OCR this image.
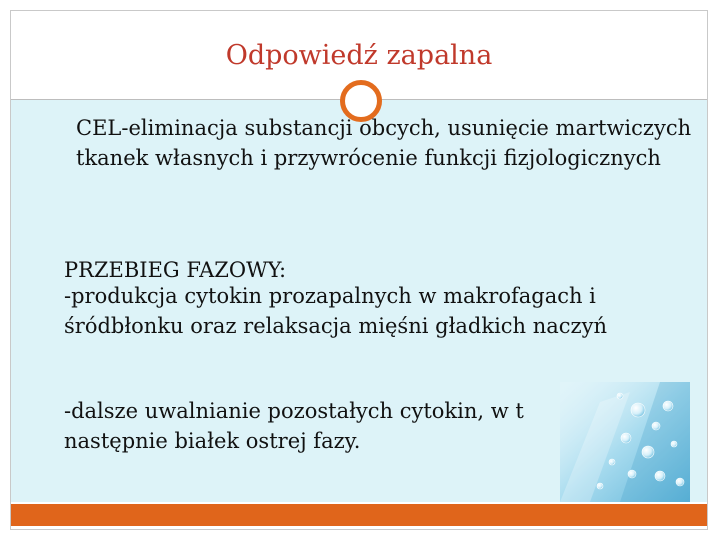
Odpowiedź zapalna
CEL-eliminacja substancji obcych, usunięcie martwiczych tkanek własnych i przywrócenie funkcji fizjologicznych
PRZEBIEG FAZOWY:
-produkcja cytokin prozapalnych w makrofagach i śródbłonku oraz relaksacja mięśni gładkich naczyń
-dalsze uwalnianie pozostałych cytokin, w t
następnie białek ostrej fazy.
